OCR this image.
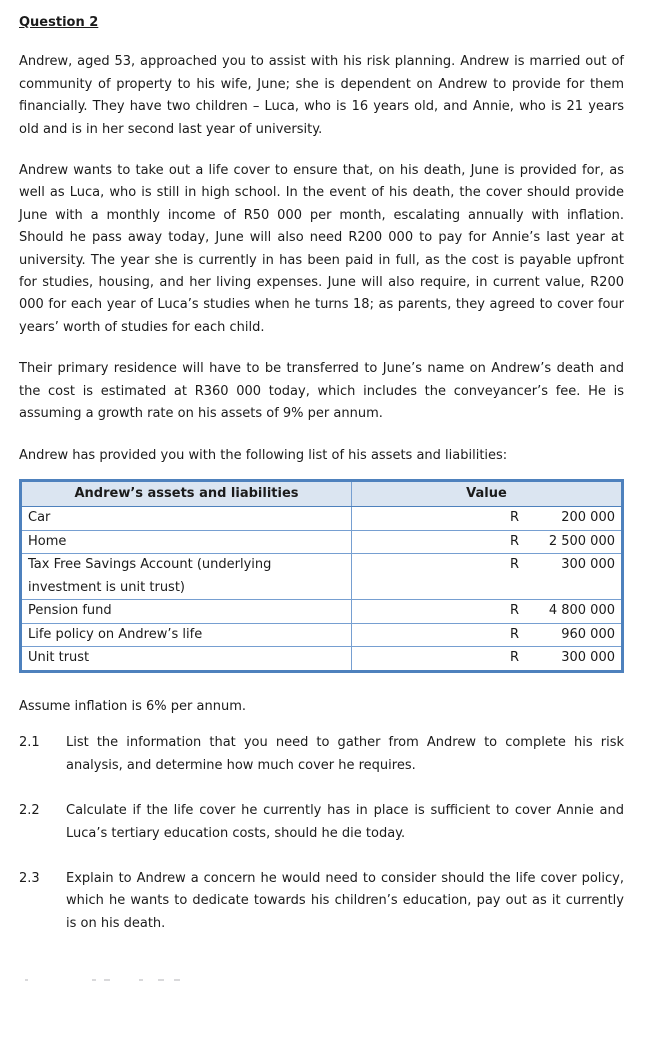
Question 2

Andrew, aged 53, approached you to assist with his risk planning. Andrew is married out of community of property to his wife, June; she is dependent on Andrew to provide for them financially. They have two children – Luca, who is 16 years old, and Annie, who is 21 years old and is in her second last year of university.

Andrew wants to take out a life cover to ensure that, on his death, June is provided for, as well as Luca, who is still in high school. In the event of his death, the cover should provide June with a monthly income of R50 000 per month, escalating annually with inflation. Should he pass away today, June will also need R200 000 to pay for Annie’s last year at university. The year she is currently in has been paid in full, as the cost is payable upfront for studies, housing, and her living expenses. June will also require, in current value, R200 000 for each year of Luca’s studies when he turns 18; as parents, they agreed to cover four years’ worth of studies for each child.

Their primary residence will have to be transferred to June’s name on Andrew’s death and the cost is estimated at R360 000 today, which includes the conveyancer’s fee. He is assuming a growth rate on his assets of 9% per annum.

Andrew has provided you with the following list of his assets and liabilities:

Andrew’s assets and liabilities	Value
Car	R 200 000

Home	R 2 500 000

Tax Free Savings Account (underlying investment is unit trust)	R 300 000

Pension fund	R 4 800 000

Life policy on Andrew’s life	R 960 000

Unit trust	R 300 000

Assume inflation is 6% per annum.

2.1	List the information that you need to gather from Andrew to complete his risk analysis, and determine how much cover he requires.
2.2	Calculate if the life cover he currently has in place is sufficient to cover Annie and Luca’s tertiary education costs, should he die today.
2.3	Explain to Andrew a concern he would need to consider should the life cover policy, which he wants to dedicate towards his children’s education, pay out as it currently is on his death.
